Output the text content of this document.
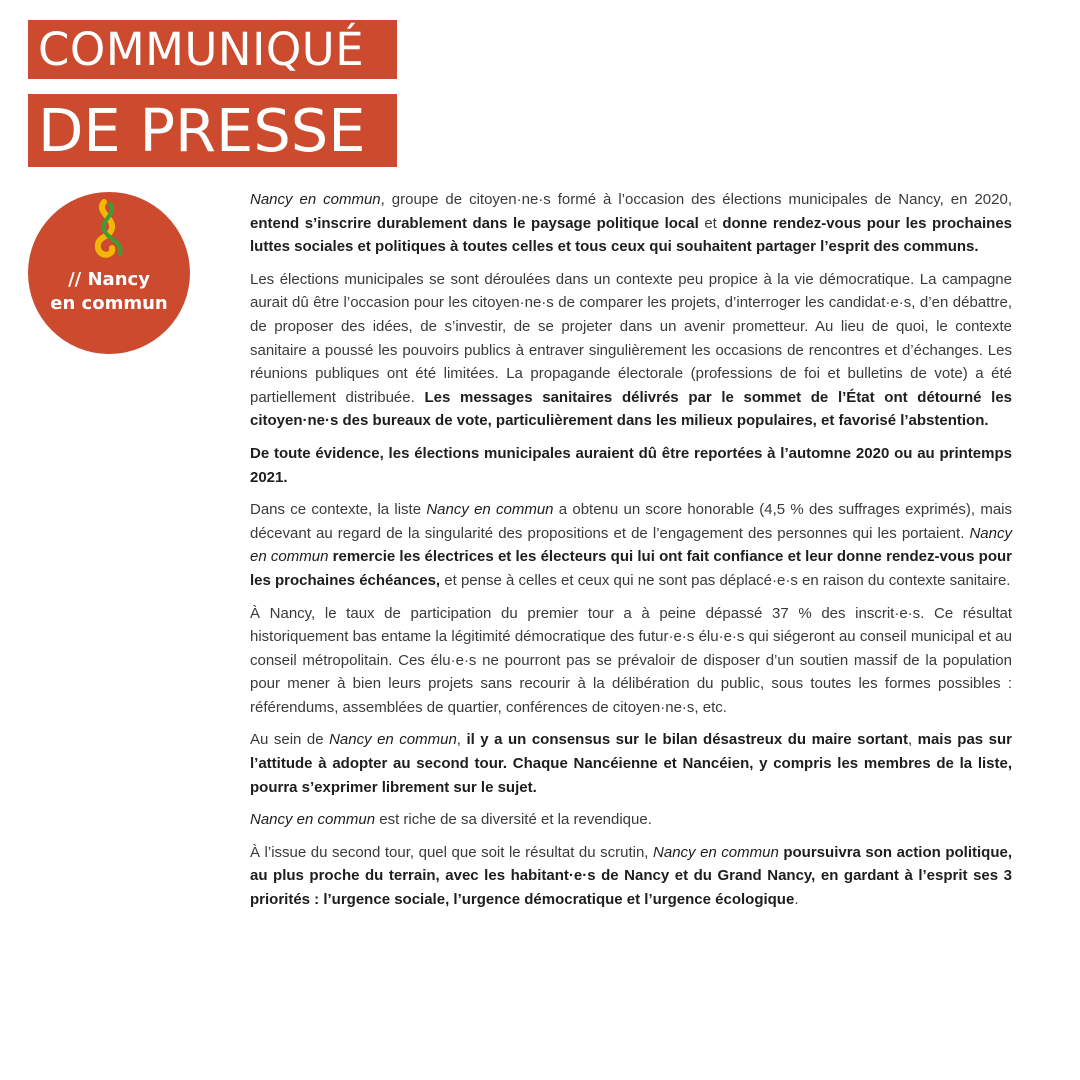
COMMUNIQUÉ
DE PRESSE
// Nancy
en commun

Nancy en commun, groupe de citoyen·ne·s formé à l’occasion des élections municipales de Nancy, en 2020, entend s’inscrire durablement dans le paysage politique local et donne rendez-vous pour les prochaines luttes sociales et politiques à toutes celles et tous ceux qui souhaitent partager l’esprit des communs.

Les élections municipales se sont déroulées dans un contexte peu propice à la vie démocratique. La campagne aurait dû être l’occasion pour les citoyen·ne·s de comparer les projets, d’interroger les candidat·e·s, d’en débattre, de proposer des idées, de s’investir, de se projeter dans un avenir prometteur. Au lieu de quoi, le contexte sanitaire a poussé les pouvoirs publics à entraver singulièrement les occasions de rencontres et d’échanges. Les réunions publiques ont été limitées. La propagande électorale (professions de foi et bulletins de vote) a été partiellement distribuée. Les messages sanitaires délivrés par le sommet de l’État ont détourné les citoyen·ne·s des bureaux de vote, particulièrement dans les milieux populaires, et favorisé l’abstention.

De toute évidence, les élections municipales auraient dû être reportées à l’automne 2020 ou au printemps 2021.

Dans ce contexte, la liste Nancy en commun a obtenu un score honorable (4,5 % des suffrages exprimés), mais décevant au regard de la singularité des propositions et de l’engagement des personnes qui les portaient. Nancy en commun remercie les électrices et les électeurs qui lui ont fait confiance et leur donne rendez-vous pour les prochaines échéances, et pense à celles et ceux qui ne sont pas déplacé·e·s en raison du contexte sanitaire.

À Nancy, le taux de participation du premier tour a à peine dépassé 37 % des inscrit·e·s. Ce résultat historiquement bas entame la légitimité démocratique des futur·e·s élu·e·s qui siégeront au conseil municipal et au conseil métropolitain. Ces élu·e·s ne pourront pas se prévaloir de disposer d’un soutien massif de la population pour mener à bien leurs projets sans recourir à la délibération du public, sous toutes les formes possibles : référendums, assemblées de quartier, conférences de citoyen·ne·s, etc.

Au sein de Nancy en commun, il y a un consensus sur le bilan désastreux du maire sortant, mais pas sur l’attitude à adopter au second tour. Chaque Nancéienne et Nancéien, y compris les membres de la liste, pourra s’exprimer librement sur le sujet.

Nancy en commun est riche de sa diversité et la revendique.

À l’issue du second tour, quel que soit le résultat du scrutin, Nancy en commun poursuivra son action politique, au plus proche du terrain, avec les habitant·e·s de Nancy et du Grand Nancy, en gardant à l’esprit ses 3 priorités : l’urgence sociale, l’urgence démocratique et l’urgence écologique.
